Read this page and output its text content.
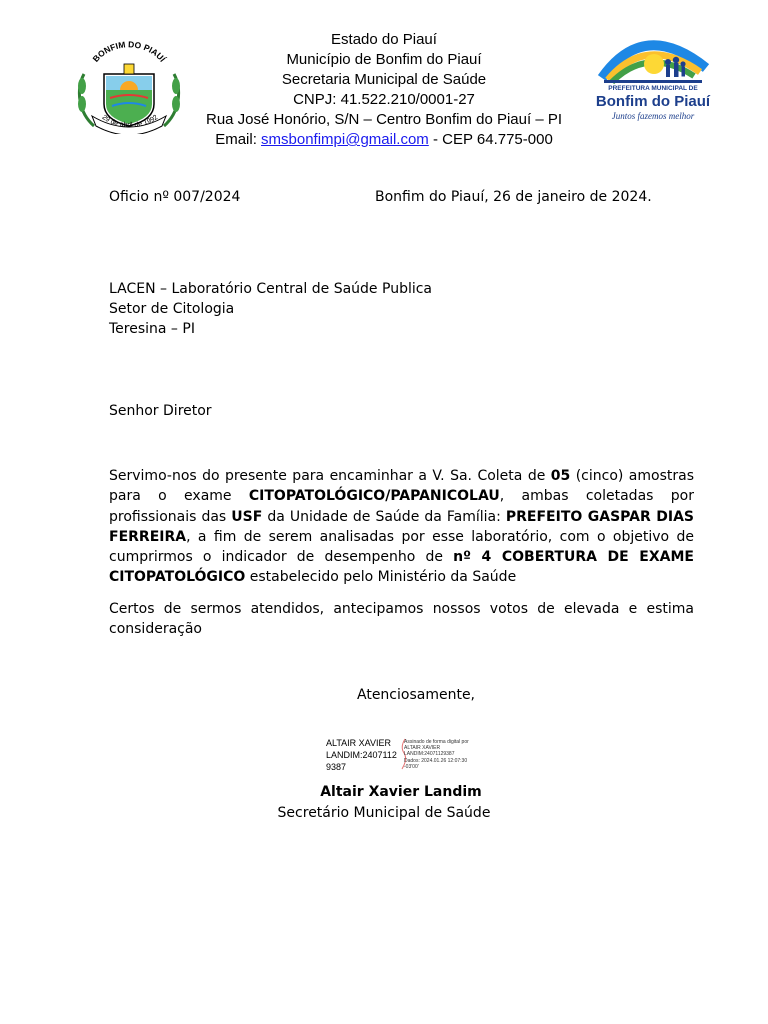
BONFIM DO PIAUÍ
29 de abril de 1992
Estado do Piauí
Município de Bonfim do Piauí
Secretaria Municipal de Saúde
CNPJ: 41.522.210/0001-27
Rua José Honório, S/N – Centro Bonfim do Piauí – PI
Email: smsbonfimpi@gmail.com - CEP 64.775-000
PREFEITURA MUNICIPAL DE
Bonfim do Piauí
Juntos fazemos melhor
Oficio nº 007/2024	Bonfim do Piauí, 26 de janeiro de 2024.
LACEN – Laboratório Central de Saúde Publica
Setor de Citologia
Teresina – PI
Senhor Diretor
Servimo-nos do presente para encaminhar a V. Sa. Coleta de 05 (cinco) amostras para o exame CITOPATOLÓGICO/PAPANICOLAU, ambas coletadas por profissionais das USF da Unidade de Saúde da Família: PREFEITO GASPAR DIAS FERREIRA, a fim de serem analisadas por esse laboratório, com o objetivo de cumprirmos o indicador de desempenho de nº 4 COBERTURA DE EXAME CITOPATOLÓGICO estabelecido pelo Ministério da Saúde
Certos de sermos atendidos, antecipamos nossos votos de elevada e estima consideração
Atenciosamente,
ALTAIR XAVIER
LANDIM:2407112
9387
Assinado de forma digital por
ALTAIR XAVIER
LANDIM:24071129387
Dados: 2024.01.26 12:07:30
-03'00'
Altair Xavier Landim
Secretário Municipal de Saúde
